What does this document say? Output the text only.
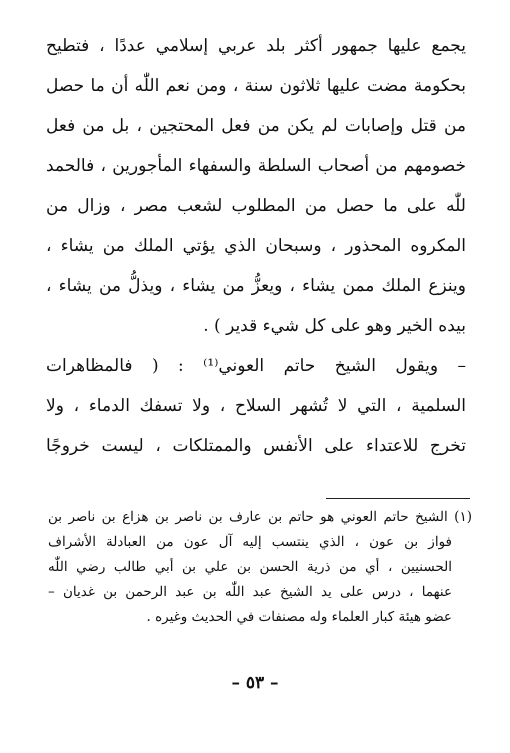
يجمع عليها جمهور أكثر بلد عربي إسلامي عددًا ، فتطيح
بحكومة مضت عليها ثلاثون سنة ، ومن نعم اللّٰه أن ما حصل
من قتل وإصابات لم يكن من فعل المحتجين ، بل من فعل
خصومهم من أصحاب السلطة والسفهاء المأجورين ، فالحمد
للّٰه على ما حصل من المطلوب لشعب مصر ، وزال من
المكروه المحذور ، وسبحان الذي يؤتي الملك من يشاء ،
وينزع الملك ممن يشاء ، ويعزُّ من يشاء ، ويذلُّ من يشاء ،
بيده الخير وهو على كل شيء قدير ) .
– ويقول الشيخ حاتم العوني⁽¹⁾ : ( فالمظاهرات
السلمية ، التي لا تُشهر السلاح ، ولا تسفك الدماء ، ولا
تخرج للاعتداء على الأنفس والممتلكات ، ليست خروجًا
(١) الشيخ حاتم العوني هو حاتم بن عارف بن ناصر بن هزاع بن ناصر بن
فواز بن عون ، الذي ينتسب إليه آل عون من العبادلة الأشراف
الحسنيين ، أي من ذرية الحسن بن علي بن أبي طالب رضي اللّٰه
عنهما ، درس على يد الشيخ عبد اللّٰه بن عبد الرحمن بن غديان –
عضو هيئة كبار العلماء وله مصنفات في الحديث وغيره .
– ٥٣ –
